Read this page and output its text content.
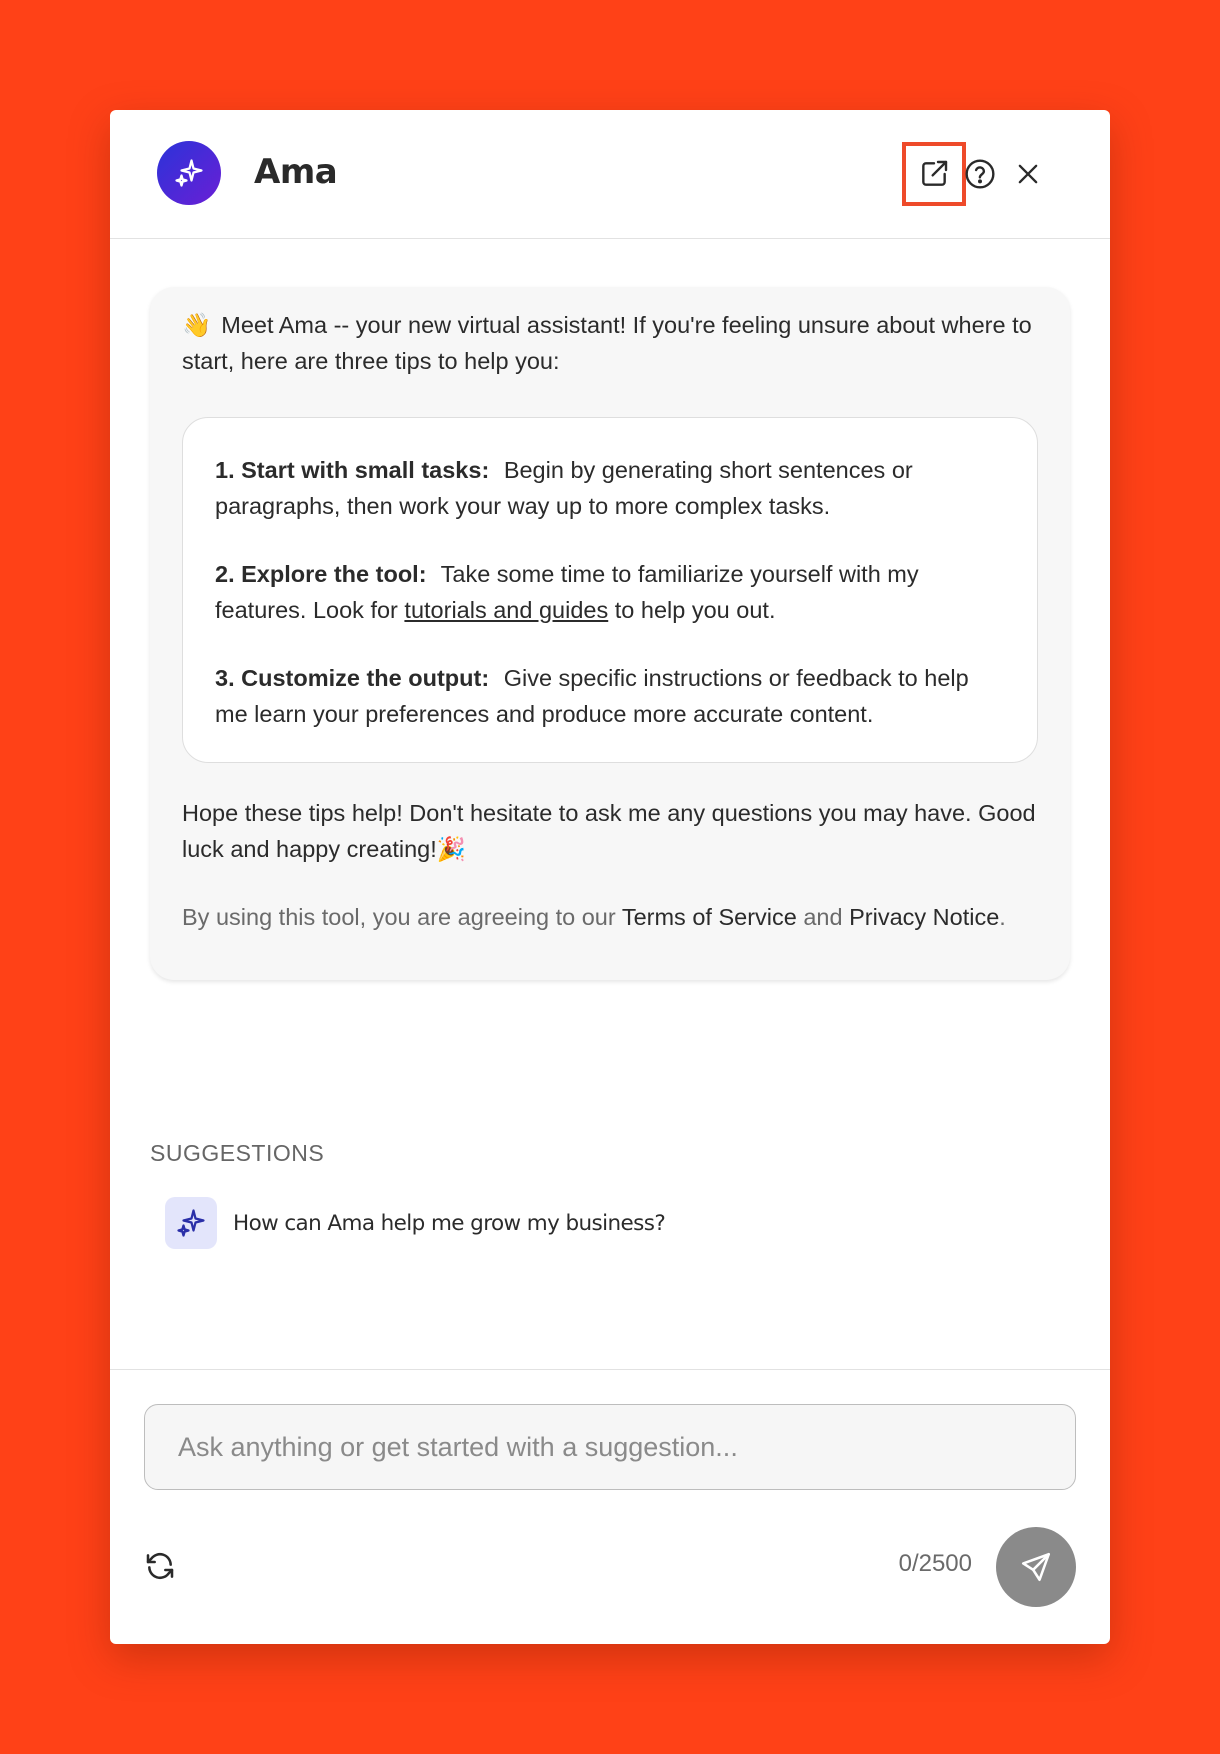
Ama

👋 Meet Ama -- your new virtual assistant! If you're feeling unsure about where to start, here are three tips to help you:

1. Start with small tasks: Begin by generating short sentences or paragraphs, then work your way up to more complex tasks.

2. Explore the tool: Take some time to familiarize yourself with my features. Look for tutorials and guides to help you out.

3. Customize the output: Give specific instructions or feedback to help me learn your preferences and produce more accurate content.

Hope these tips help! Don't hesitate to ask me any questions you may have. Good luck and happy creating!🎉

By using this tool, you are agreeing to our Terms of Service and Privacy Notice.

SUGGESTIONS
How can Ama help me grow my business?
Ask anything or get started with a suggestion...
0/2500
